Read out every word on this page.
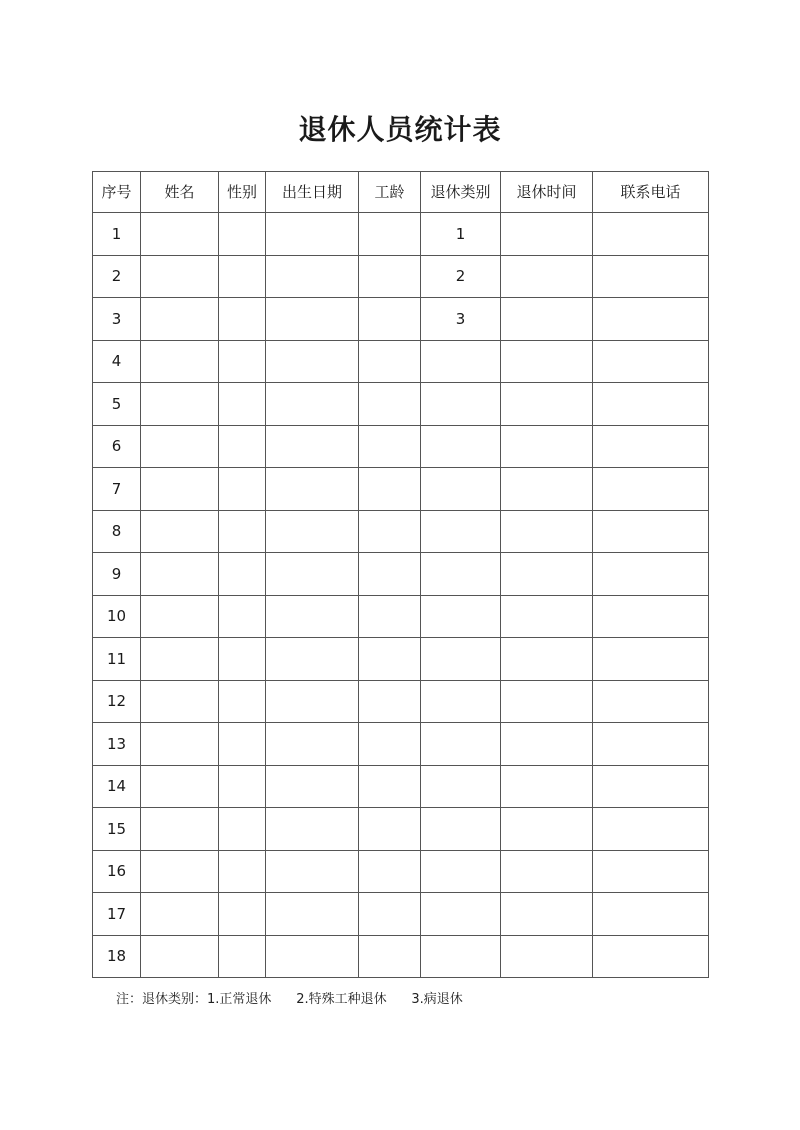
退休人员统计表
序号	姓名	性别	出生日期	工龄	退休类别	退休时间	联系电话
1					1		
2					2		
3					3		
4							
5							
6							
7							
8							
9							
10							
11							
12							
13							
14							
15							
16							
17							
18							
注：退休类别：1.正常退休      2.特殊工种退休      3.病退休
